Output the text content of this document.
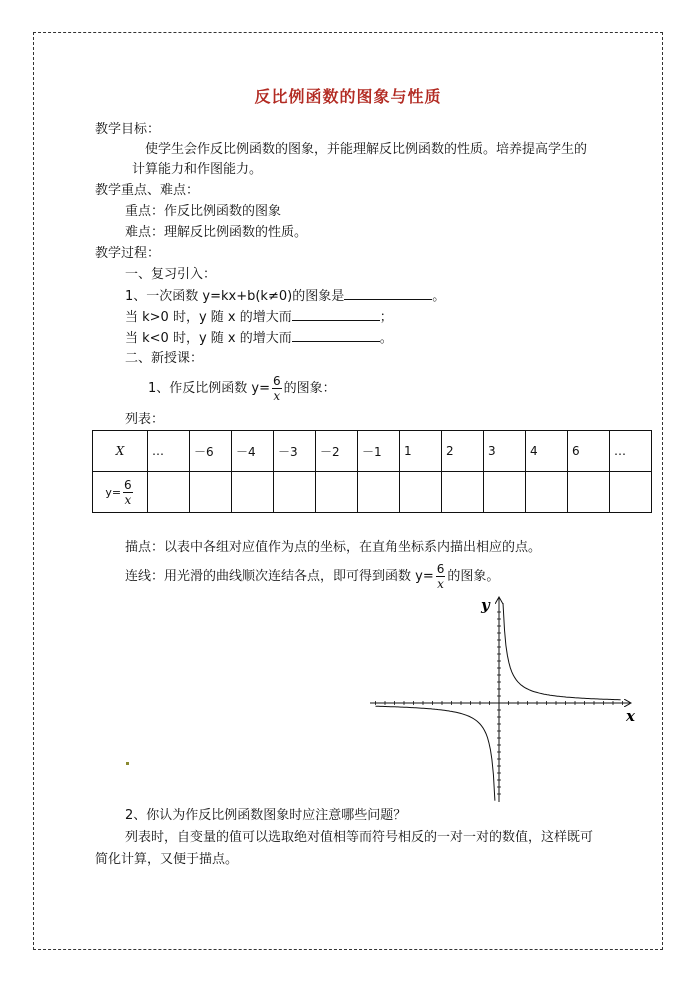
反比例函数的图象与性质
教学目标：
使学生会作反比例函数的图象，并能理解反比例函数的性质。培养提高学生的
计算能力和作图能力。
教学重点、难点：
重点：作反比例函数的图象
难点：理解反比例函数的性质。
教学过程：
一、复习引入：
1、一次函数 y=kx+b(k≠0)的图象是	。
当 k>0 时，y 随 x 的增大而	；
当 k<0 时，y 随 x 的增大而	。
二、新授课：
1、作反比例函数 $y= \frac{6}{x}$ 的图象：
列表：
X	…	－6	－4	－3	－2	－1	1	2	3	4	6	…
$y= \frac{6}{x}$

描点：以表中各组对应值作为点的坐标，在直角坐标系内描出相应的点。
连线：用光滑的曲线顺次连结各点，即可得到函数 $y= \frac{6}{x}$ 的图象。
y
x
2、你认为作反比例函数图象时应注意哪些问题？
列表时，自变量的值可以选取绝对值相等而符号相反的一对一对的数值，这样既可
简化计算，又便于描点。
